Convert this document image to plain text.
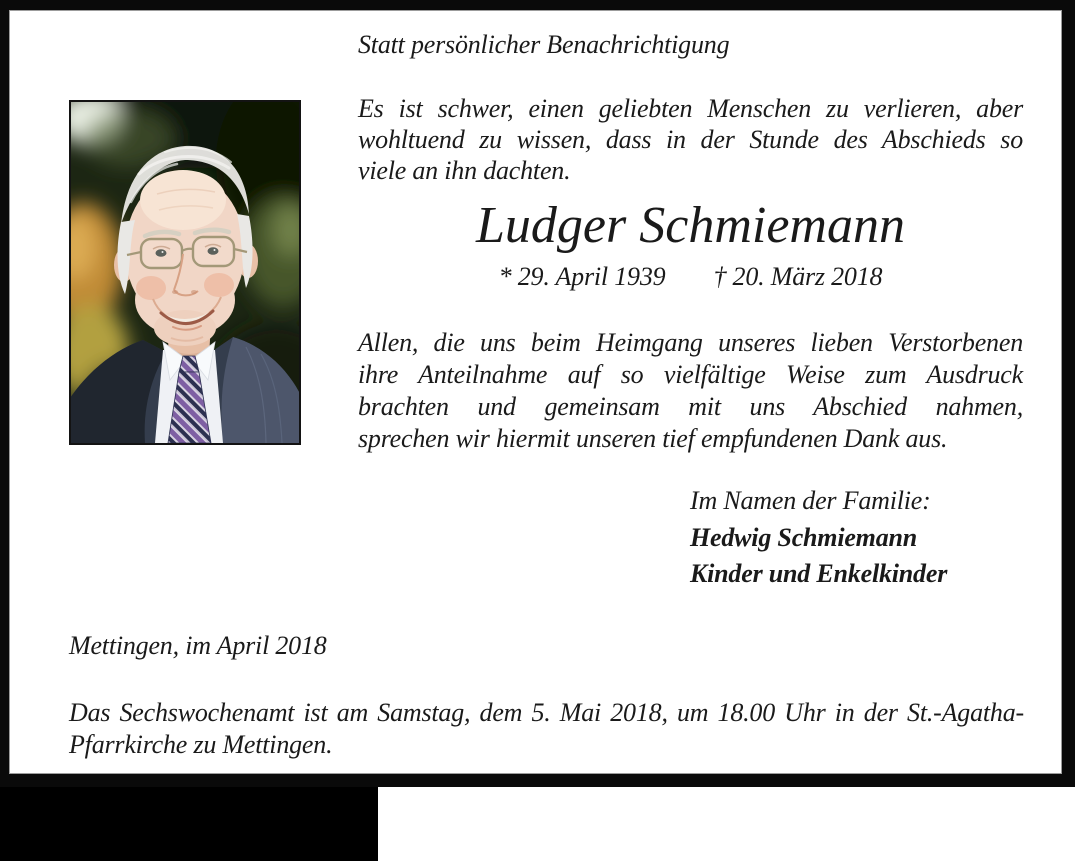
Statt persönlicher Benachrichtigung
Es ist schwer, einen geliebten Menschen zu verlieren, aber
wohltuend zu wissen, dass in der Stunde des Abschieds so
viele an ihn dachten.
Ludger Schmiemann
* 29. April 1939 † 20. März 2018
Allen, die uns beim Heimgang unseres lieben Verstorbenen
ihre Anteilnahme auf so vielfältige Weise zum Ausdruck
brachten und gemeinsam mit uns Abschied nahmen,
sprechen wir hiermit unseren tief empfundenen Dank aus.
Im Namen der Familie:
Hedwig Schmiemann
Kinder und Enkelkinder
Mettingen, im April 2018
Das Sechswochenamt ist am Samstag, dem 5. Mai 2018, um 18.00 Uhr in der St.-Agatha-
Pfarrkirche zu Mettingen.
